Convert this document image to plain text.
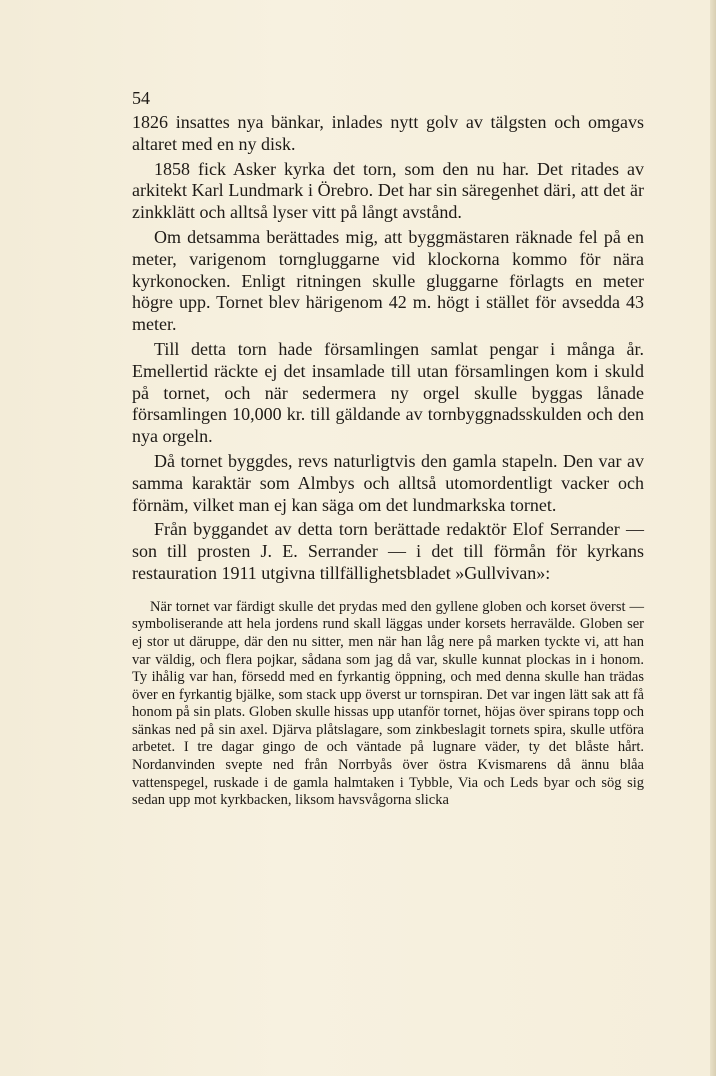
54

1826 insattes nya bänkar, inlades nytt golv av tälgsten och omgavs altaret med en ny disk.

1858 fick Asker kyrka det torn, som den nu har. Det ritades av arkitekt Karl Lundmark i Örebro. Det har sin säregenhet däri, att det är zinkklätt och alltså lyser vitt på långt avstånd.

Om detsamma berättades mig, att byggmästaren räknade fel på en meter, varigenom torngluggarne vid klockorna kommo för nära kyrkonocken. Enligt ritningen skulle gluggarne förlagts en meter högre upp. Tornet blev härigenom 42 m. högt i stället för avsedda 43 meter.

Till detta torn hade församlingen samlat pengar i många år. Emellertid räckte ej det insamlade till utan församlingen kom i skuld på tornet, och när sedermera ny orgel skulle byggas lånade församlingen 10,000 kr. till gäldande av tornbyggnadsskulden och den nya orgeln.

Då tornet byggdes, revs naturligtvis den gamla stapeln. Den var av samma karaktär som Almbys och alltså utomordentligt vacker och förnäm, vilket man ej kan säga om det lundmarkska tornet.

Från byggandet av detta torn berättade redaktör Elof Serrander — son till prosten J. E. Serrander — i det till förmån för kyrkans restauration 1911 utgivna tillfällighetsbladet »Gullvivan»:

När tornet var färdigt skulle det prydas med den gyllene globen och korset överst — symboliserande att hela jordens rund skall läggas under korsets herravälde. Globen ser ej stor ut däruppe, där den nu sitter, men när han låg nere på marken tyckte vi, att han var väldig, och flera pojkar, sådana som jag då var, skulle kunnat plockas in i honom. Ty ihålig var han, försedd med en fyrkantig öppning, och med denna skulle han trädas över en fyrkantig bjälke, som stack upp överst ur tornspiran. Det var ingen lätt sak att få honom på sin plats. Globen skulle hissas upp utanför tornet, höjas över spirans topp och sänkas ned på sin axel. Djärva plåtslagare, som zinkbeslagit tornets spira, skulle utföra arbetet. I tre dagar gingo de och väntade på lugnare väder, ty det blåste hårt. Nordanvinden svepte ned från Norrbyås över östra Kvismarens då ännu blåa vattenspegel, ruskade i de gamla halmtaken i Tybble, Via och Leds byar och sög sig sedan upp mot kyrkbacken, liksom havsvågorna slicka
